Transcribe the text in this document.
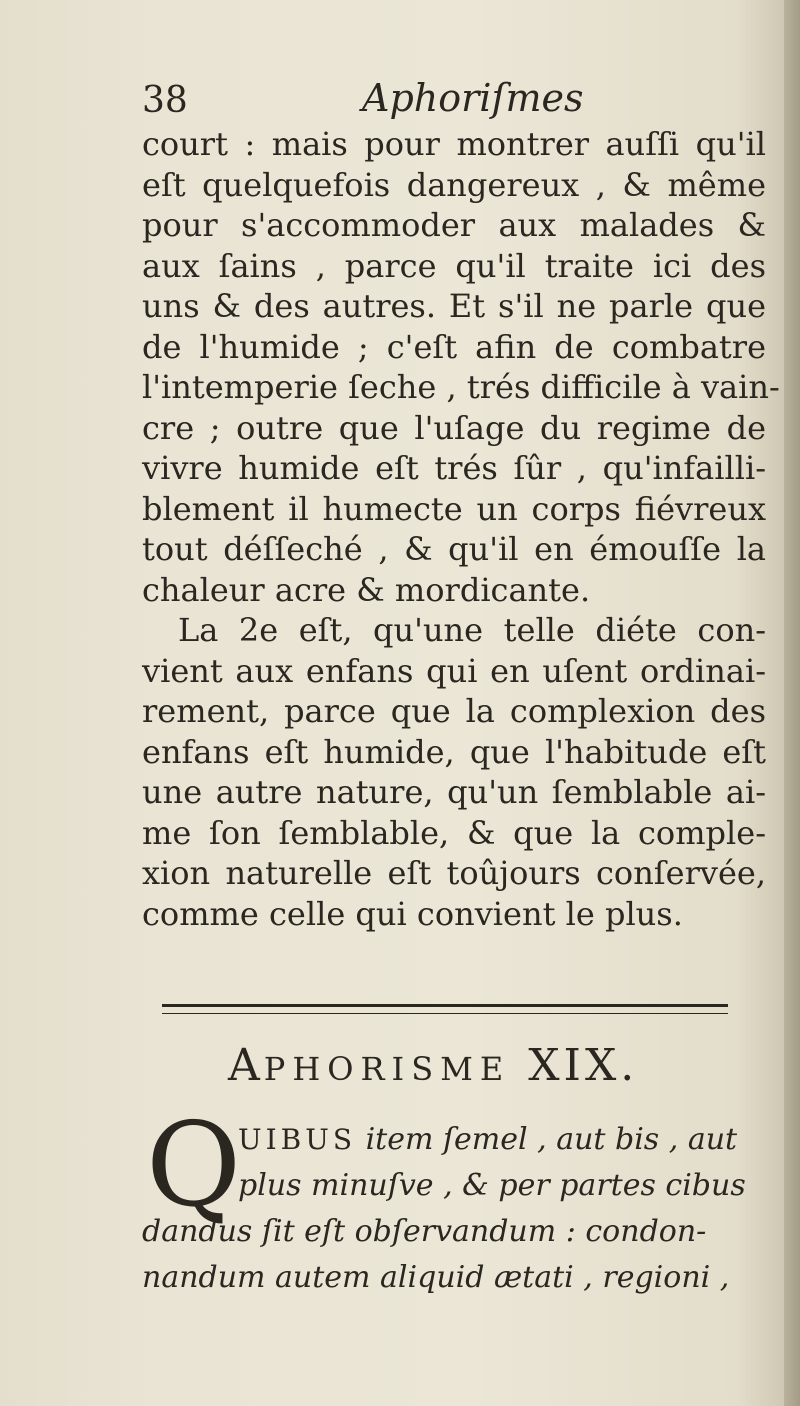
38	Aphoriſmes
court : mais pour montrer auſſi qu'il
eſt quelquefois dangereux , & même
pour s'accommoder aux malades &
aux ſains , parce qu'il traite ici des
uns & des autres. Et s'il ne parle que
de l'humide ; c'eſt afin de combatre
l'intemperie ſeche , trés difficile à vain-
cre ; outre que l'uſage du regime de
vivre humide eſt trés ſûr , qu'infailli-
blement il humecte un corps fiévreux
tout déſſeché , & qu'il en émouſſe la
chaleur acre & mordicante.
La 2e eſt, qu'une telle diéte con-
vient aux enfans qui en uſent ordinai-
rement, parce que la complexion des
enfans eſt humide, que l'habitude eſt
une autre nature, qu'un ſemblable ai-
me ſon ſemblable, & que la comple-
xion naturelle eſt toûjours conſervée,
comme celle qui convient le plus.
APHORISME XIX.
Q
UIBUS item ſemel , aut bis , aut
plus minuſve , & per partes cibus
dandus ſit eſt obſervandum : condon-
nandum autem aliquid ætati , regioni ,
